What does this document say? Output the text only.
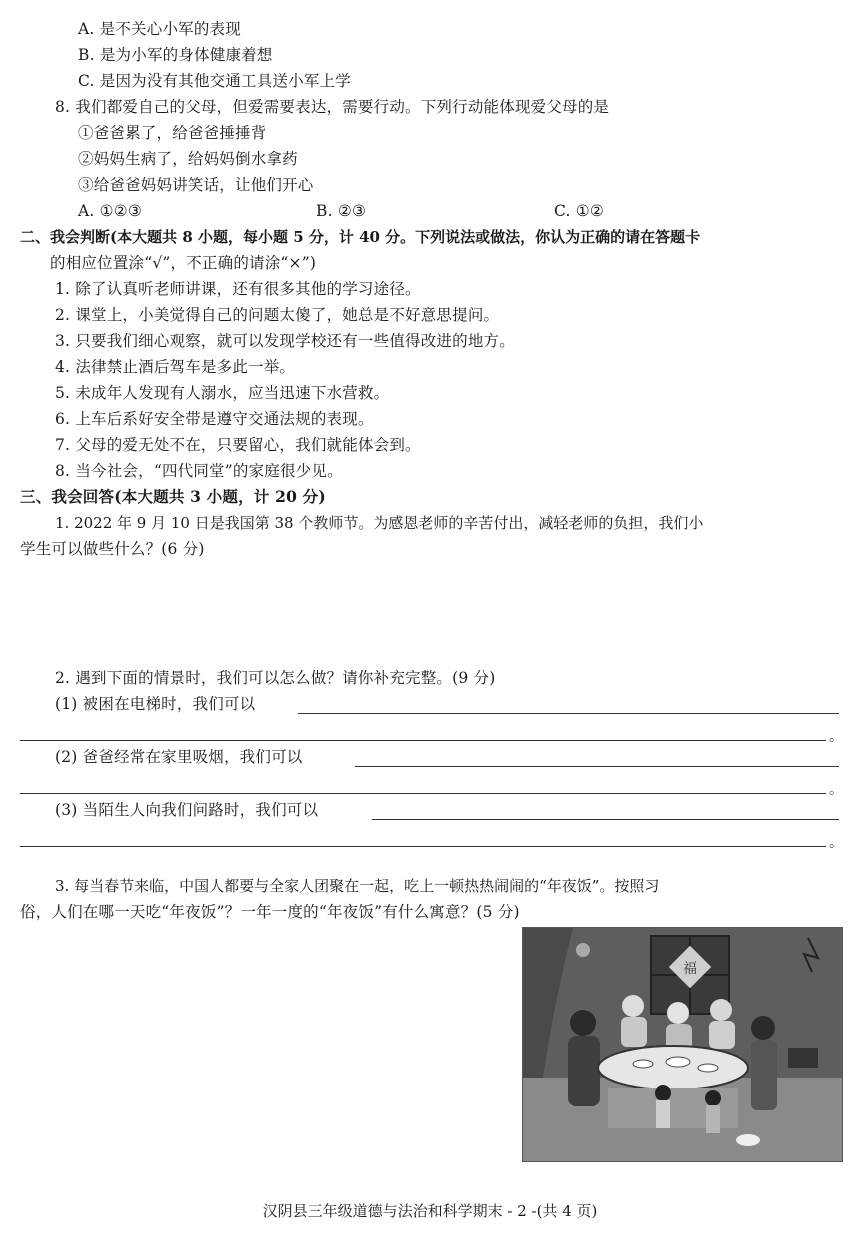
A. 是不关心小军的表现
B. 是为小军的身体健康着想
C. 是因为没有其他交通工具送小军上学
8. 我们都爱自己的父母，但爱需要表达，需要行动。下列行动能体现爱父母的是
①爸爸累了，给爸爸捶捶背
②妈妈生病了，给妈妈倒水拿药
③给爸爸妈妈讲笑话，让他们开心
A. ①②③	B. ②③	C. ①②
二、我会判断(本大题共 8 小题，每小题 5 分，计 40 分。下列说法或做法，你认为正确的请在答题卡
的相应位置涂“√”，不正确的请涂“×”)
1. 除了认真听老师讲课，还有很多其他的学习途径。
2. 课堂上，小美觉得自己的问题太傻了，她总是不好意思提问。
3. 只要我们细心观察，就可以发现学校还有一些值得改进的地方。
4. 法律禁止酒后驾车是多此一举。
5. 未成年人发现有人溺水，应当迅速下水营救。
6. 上车后系好安全带是遵守交通法规的表现。
7. 父母的爱无处不在，只要留心，我们就能体会到。
8. 当今社会，“四代同堂”的家庭很少见。
三、我会回答(本大题共 3 小题，计 20 分)
1. 2022 年 9 月 10 日是我国第 38 个教师节。为感恩老师的辛苦付出，减轻老师的负担，我们小
学生可以做些什么？(6 分)
2. 遇到下面的情景时，我们可以怎么做？请你补充完整。(9 分)
(1) 被困在电梯时，我们可以
。
(2) 爸爸经常在家里吸烟，我们可以
。
(3) 当陌生人向我们问路时，我们可以
。
3. 每当春节来临，中国人都要与全家人团聚在一起，吃上一顿热热闹闹的“年夜饭”。按照习
俗，人们在哪一天吃“年夜饭”？一年一度的“年夜饭”有什么寓意？(5 分)
福
汉阴县三年级道德与法治和科学期末 - 2 -(共 4 页)
